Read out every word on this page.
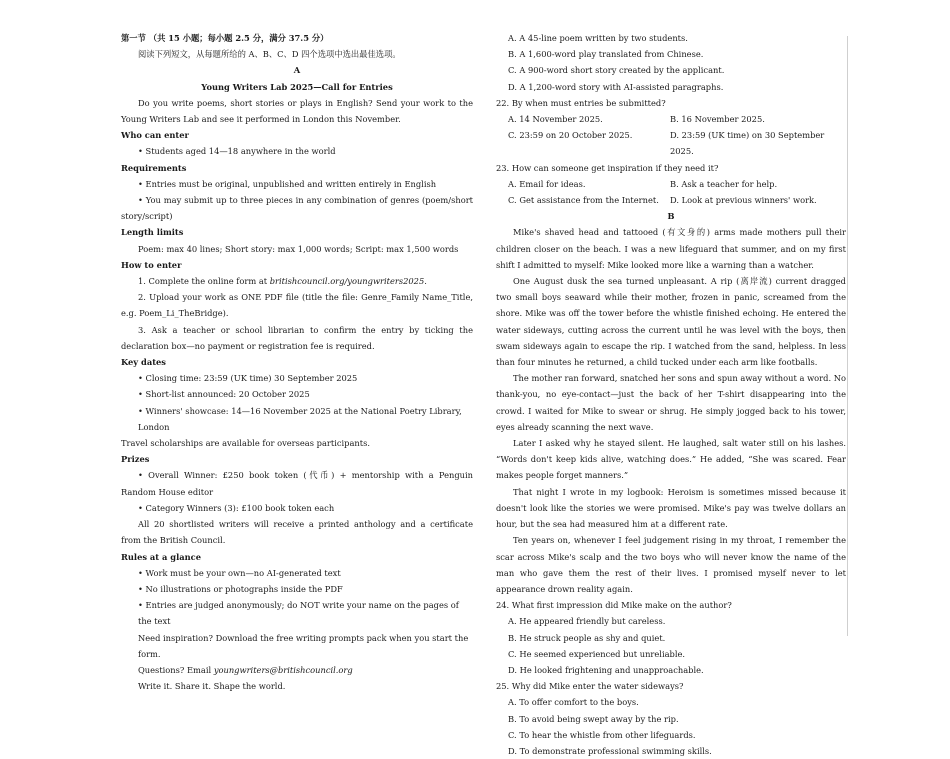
第一节 （共 15 小题；每小题 2.5 分，满分 37.5 分）

阅读下列短文，从每题所给的 A、B、C、D 四个选项中选出最佳选项。

A

Young Writers Lab 2025—Call for Entries

Do you write poems, short stories or plays in English? Send your work to the Young Writers Lab and see it performed in London this November.

Who can enter

• Students aged 14—18 anywhere in the world

Requirements

• Entries must be original, unpublished and written entirely in English

• You may submit up to three pieces in any combination of genres (poem/short story/script)

Length limits

Poem: max 40 lines; Short story: max 1,000 words; Script: max 1,500 words

How to enter

1. Complete the online form at britishcouncil.org/youngwriters2025.

2. Upload your work as ONE PDF file (title the file: Genre_Family Name_Title, e.g. Poem_Li_TheBridge).

3. Ask a teacher or school librarian to confirm the entry by ticking the declaration box—no payment or registration fee is required.

Key dates

• Closing time: 23:59 (UK time) 30 September 2025

• Short-list announced: 20 October 2025

• Winners' showcase: 14—16 November 2025 at the National Poetry Library, London

Travel scholarships are available for overseas participants.

Prizes

• Overall Winner: £250 book token (代币) + mentorship with a Penguin Random House editor

• Category Winners (3): £100 book token each

All 20 shortlisted writers will receive a printed anthology and a certificate from the British Council.

Rules at a glance

• Work must be your own—no AI-generated text

• No illustrations or photographs inside the PDF

• Entries are judged anonymously; do NOT write your name on the pages of the text

Need inspiration? Download the free writing prompts pack when you start the form.

Questions? Email youngwriters@britishcouncil.org

Write it. Share it. Shape the world.

A. A 45-line poem written by two students.

B. A 1,600-word play translated from Chinese.

C. A 900-word short story created by the applicant.

D. A 1,200-word story with AI-assisted paragraphs.

22. By when must entries be submitted?

A. 14 November 2025.	B. 16 November 2025.
C. 23:59 on 20 October 2025.	D. 23:59 (UK time) on 30 September 2025.

23. How can someone get inspiration if they need it?

A. Email for ideas.	B. Ask a teacher for help.
C. Get assistance from the Internet.	D. Look at previous winners' work.

B

Mike's shaved head and tattooed (有文身的) arms made mothers pull their children closer on the beach. I was a new lifeguard that summer, and on my first shift I admitted to myself: Mike looked more like a warning than a watcher.

One August dusk the sea turned unpleasant. A rip (离岸流) current dragged two small boys seaward while their mother, frozen in panic, screamed from the shore. Mike was off the tower before the whistle finished echoing. He entered the water sideways, cutting across the current until he was level with the boys, then swam sideways again to escape the rip. I watched from the sand, helpless. In less than four minutes he returned, a child tucked under each arm like footballs.

The mother ran forward, snatched her sons and spun away without a word. No thank-you, no eye-contact—just the back of her T-shirt disappearing into the crowd. I waited for Mike to swear or shrug. He simply jogged back to his tower, eyes already scanning the next wave.

Later I asked why he stayed silent. He laughed, salt water still on his lashes. “Words don't keep kids alive, watching does.” He added, “She was scared. Fear makes people forget manners.”

That night I wrote in my logbook: Heroism is sometimes missed because it doesn't look like the stories we were promised. Mike's pay was twelve dollars an hour, but the sea had measured him at a different rate.

Ten years on, whenever I feel judgement rising in my throat, I remember the scar across Mike's scalp and the two boys who will never know the name of the man who gave them the rest of their lives. I promised myself never to let appearance drown reality again.

24. What first impression did Mike make on the author?

A. He appeared friendly but careless.

B. He struck people as shy and quiet.

C. He seemed experienced but unreliable.

D. He looked frightening and unapproachable.

25. Why did Mike enter the water sideways?

A. To offer comfort to the boys.

B. To avoid being swept away by the rip.

C. To hear the whistle from other lifeguards.

D. To demonstrate professional swimming skills.
